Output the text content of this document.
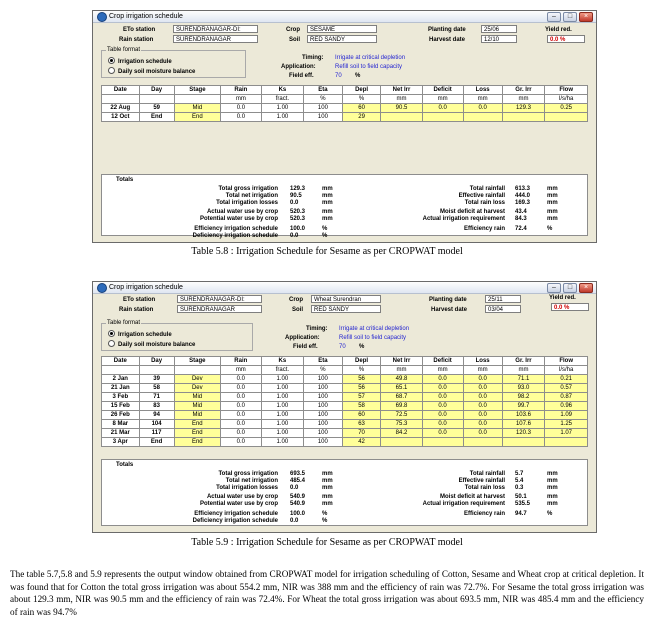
Crop irrigation schedule	–	□	×
ETo station	SURENDRANAGAR-DI:
Rain station	SURENDRANAGAR
Crop	SESAME
Soil	RED SANDY
Planting date	25/06
Harvest date	12/10
Yield red.
0.0 %
Table format
Irrigation schedule
Daily soil moisture balance
Timing: Irrigate at critical depletion
Application:	Refill soil to field capacity
Field eff.	70 %
Date	Day	Stage	Rain	Ks	Eta	Depl	Net Irr	Deficit	Loss	Gr. Irr	Flow
			mm	fract.	%	%	mm	mm	mm	mm	l/s/ha
22 Aug	59	Mid	0.0	1.00	100	60	90.5	0.0	0.0	129.3	0.25
12 Oct	End	End	0.0	1.00	100	29					
Totals
Total gross irrigation 129.3	mm
Total net irrigation 90.5	mm
Total irrigation losses 0.0	mm
Actual water use by crop 520.3	mm
Potential water use by crop 520.3	mm
Efficiency irrigation schedule 100.0	%
Deficiency irrigation schedule 0.0	%
Total rainfall 613.3	mm
Effective rainfall 444.0	mm
Total rain loss 169.3	mm
Moist deficit at harvest 43.4	mm
Actual irrigation requirement 84.3	mm
Efficiency rain 72.4	%
Table 5.8 : Irrigation Schedule for Sesame as per CROPWAT model
Crop irrigation schedule	–	□	×
ETo station	SURENDRANAGAR-DI:
Rain station	SURENDRANAGAR
Crop	Wheat Surendran
Soil	RED SANDY
Planting date	25/11
Harvest date	03/04
Yield red.
0.0 %
Table format
Irrigation schedule
Daily soil moisture balance
Timing: Irrigate at critical depletion
Application:	Refill soil to field capacity
Field eff.	70 %
Date	Day	Stage	Rain	Ks	Eta	Depl	Net Irr	Deficit	Loss	Gr. Irr	Flow
			mm	fract.	%	%	mm	mm	mm	mm	l/s/ha
2 Jan	39	Dev	0.0	1.00	100	56	49.8	0.0	0.0	71.1	0.21
21 Jan	58	Dev	0.0	1.00	100	56	65.1	0.0	0.0	93.0	0.57
3 Feb	71	Mid	0.0	1.00	100	57	68.7	0.0	0.0	98.2	0.87
15 Feb	83	Mid	0.0	1.00	100	58	69.8	0.0	0.0	99.7	0.96
26 Feb	94	Mid	0.0	1.00	100	60	72.5	0.0	0.0	103.6	1.09
8 Mar	104	End	0.0	1.00	100	63	75.3	0.0	0.0	107.6	1.25
21 Mar	117	End	0.0	1.00	100	70	84.2	0.0	0.0	120.3	1.07
3 Apr	End	End	0.0	1.00	100	42					
Totals
Total gross irrigation 693.5	mm
Total net irrigation 485.4	mm
Total irrigation losses 0.0	mm
Actual water use by crop 540.9	mm
Potential water use by crop 540.9	mm
Efficiency irrigation schedule 100.0	%
Deficiency irrigation schedule 0.0	%
Total rainfall 5.7	mm
Effective rainfall 5.4	mm
Total rain loss 0.3	mm
Moist deficit at harvest 50.1	mm
Actual irrigation requirement 535.5	mm
Efficiency rain 94.7	%
Table 5.9 : Irrigation Schedule for Sesame as per CROPWAT model
The table 5.7,5.8 and 5.9 represents the output window obtained from CROPWAT model for irrigation scheduling of Cotton, Sesame and Wheat crop at critical depletion. It was found that for Cotton the total gross irrigation was about 554.2 mm, NIR was 388 mm and the efficiency of rain was 72.7%. For Sesame the total gross irrigation was about 129.3 mm, NIR was 90.5 mm and the efficiency of rain was 72.4%. For Wheat the total gross irrigation was about 693.5 mm, NIR was 485.4 mm and the efficiency of rain was 94.7%
